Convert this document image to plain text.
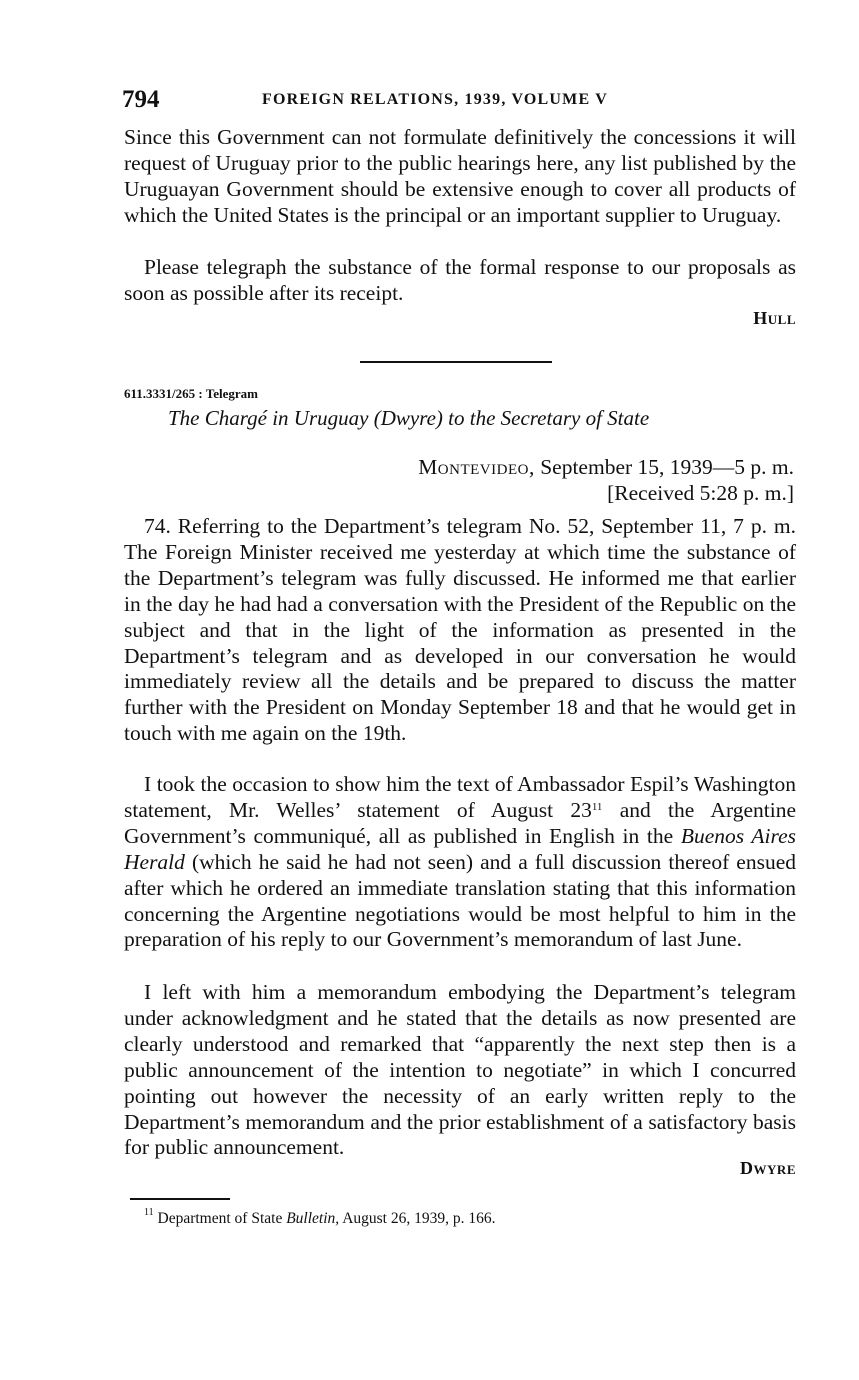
794	FOREIGN RELATIONS, 1939, VOLUME V

Since this Government can not formulate definitively the concessions it will request of Uruguay prior to the public hearings here, any list published by the Uruguayan Government should be extensive enough to cover all products of which the United States is the principal or an important supplier to Uruguay.

Please telegraph the substance of the formal response to our proposals as soon as possible after its receipt.

Hull
611.3331/265 : Telegram
The Chargé in Uruguay (Dwyre) to the Secretary of State
Montevideo, September 15, 1939—5 p. m.
[Received 5:28 p. m.]

74. Referring to the Department’s telegram No. 52, September 11, 7 p. m. The Foreign Minister received me yesterday at which time the substance of the Department’s telegram was fully discussed. He informed me that earlier in the day he had had a conversation with the President of the Republic on the subject and that in the light of the information as presented in the Department’s telegram and as developed in our conversation he would immediately review all the details and be prepared to discuss the matter further with the President on Monday September 18 and that he would get in touch with me again on the 19th.

I took the occasion to show him the text of Ambassador Espil’s Washington statement, Mr. Welles’ statement of August $23^{11}$ and the Argentine Government’s communiqué, all as published in English in the Buenos Aires Herald (which he said he had not seen) and a full discussion thereof ensued after which he ordered an immediate translation stating that this information concerning the Argentine negotiations would be most helpful to him in the preparation of his reply to our Government’s memorandum of last June.

I left with him a memorandum embodying the Department’s telegram under acknowledgment and he stated that the details as now presented are clearly understood and remarked that “apparently the next step then is a public announcement of the intention to negotiate” in which I concurred pointing out however the necessity of an early written reply to the Department’s memorandum and the prior establishment of a satisfactory basis for public announcement.

Dwyre
$^{11}$ Department of State Bulletin, August 26, 1939, p. 166.
